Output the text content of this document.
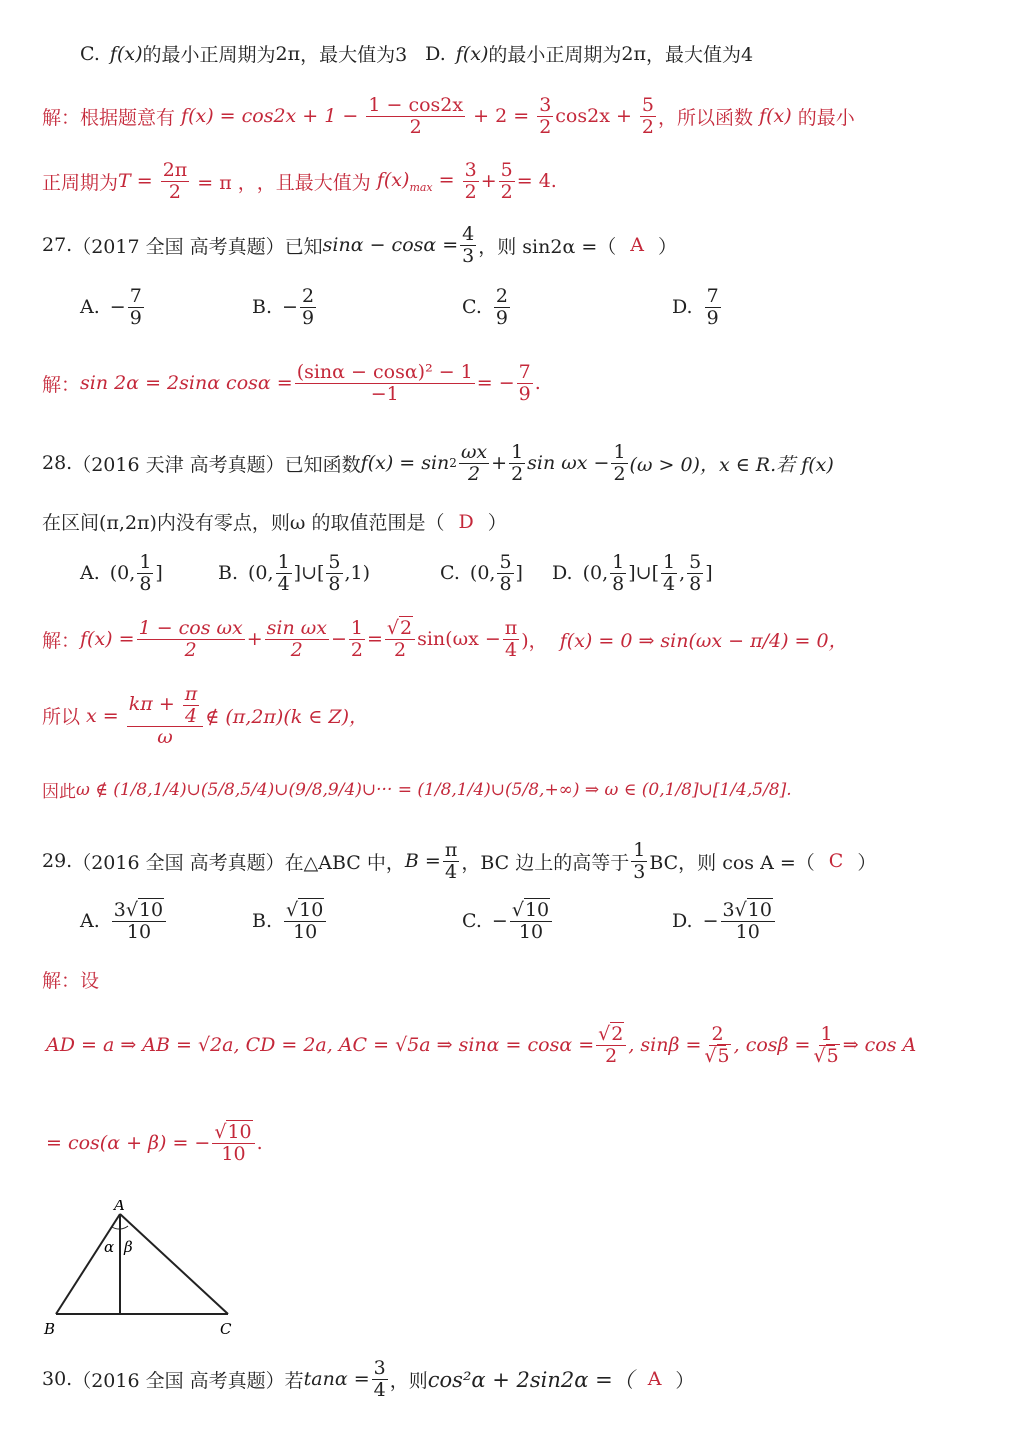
C. f(x) 的最小正周期为 2π ，最大值为3 D. f(x) 的最小正周期为 2π ，最大值为4
解：根据题意有 $f(x) = \cos 2x + 1 - \frac{1 - \cos 2x}{2} + 2 = \frac{3}{2} \cos 2x + \frac{5}{2}$ ，所以函数 f(x) 的最小
正周期为 $T = \frac{2\pi}{2} = \pi$ ， ，且最大值为 $f(x)_{max} = \frac{3}{2} + \frac{5}{2} = 4$.
27. （2017 全国 高考真题）已知 $\sin\alpha - \cos\alpha = \frac{4}{3}$ ，则 sin2α =（ A ）
A. − $\frac{7}{9}$	B. − $\frac{2}{9}$	C. $\frac{2}{9}$	D. $\frac{7}{9}$
解： sin 2α = 2sinα $\cos\alpha = \frac{\text{(sinα − cosα)² − 1}}{-1}$ = − $\frac{7}{9}$ .
28. （2016 天津 高考真题）已知函数 $f(x) = \sin 2 \frac{\omega x}{2} + \frac{1}{2}$ $\sin \omega x - \frac{1}{2} (\omega > 0)$，x ∈ R.若 f(x)
在区间(π,2π)内没有零点，则ω 的取值范围是（ D ）
A. (0, $\frac{1}{8}$ ]	B. (0, $\frac{1}{4}$ ]∪[ $\frac{5}{8} ,1$)	C. (0, $\frac{5}{8}$ ] D. (0, $\frac{1}{8}$ ]∪[ $\frac{1}{4}$ , $\frac{5}{8}$ ]
解： $f(x) = \frac{\text{1 − cos ωx}}{2} + \frac{\text{sin ωx}}{2} - \frac{1}{2}$ = √ $\frac{2}{2} \sin(\omega x - \frac{\pi}{4}$ )， f(x) = 0 ⇒ sin(ωx − π/4) = 0，
所以 $x = \frac{k\pi + \frac{\pi}{4}}{\omega}$ ∉ (π,2π)(k ∈ Z)，
因此 ω ∉ (1/8,1/4)∪(5/8,5/4)∪(9/8,9/4)∪··· = (1/8,1/4)∪(5/8,+∞) ⇒ ω ∈ (0,1/8]∪[1/4,5/8].
29. （2016 全国 高考真题）在△ABC 中， $B = \frac{\pi}{4}$ ，BC 边上的高等于 $\frac{1}{3}$ BC，则 cos A =（ C ）
A. $\frac{3 √ 10}{10}$	B. √ $\frac{10}{10}$	C. − √ $\frac{10}{10}$	D. − $\frac{3 √ 10}{10}$
解：设
AD = a ⇒ AB = √2a, CD = 2a, AC = √5a ⇒ sinα = cosα = √ $\frac{2}{2}$ , sinβ = 2
√5 , cosβ = 1
√5 ⇒ cos A
= cos(α + β) = − √ $\frac{10}{10}$ .
A
B	C
α β
30. （2016 全国 高考真题）若 $\tan\alpha = \frac{3}{4}$ ，则 cos²α + 2sin2α =（ A ）
